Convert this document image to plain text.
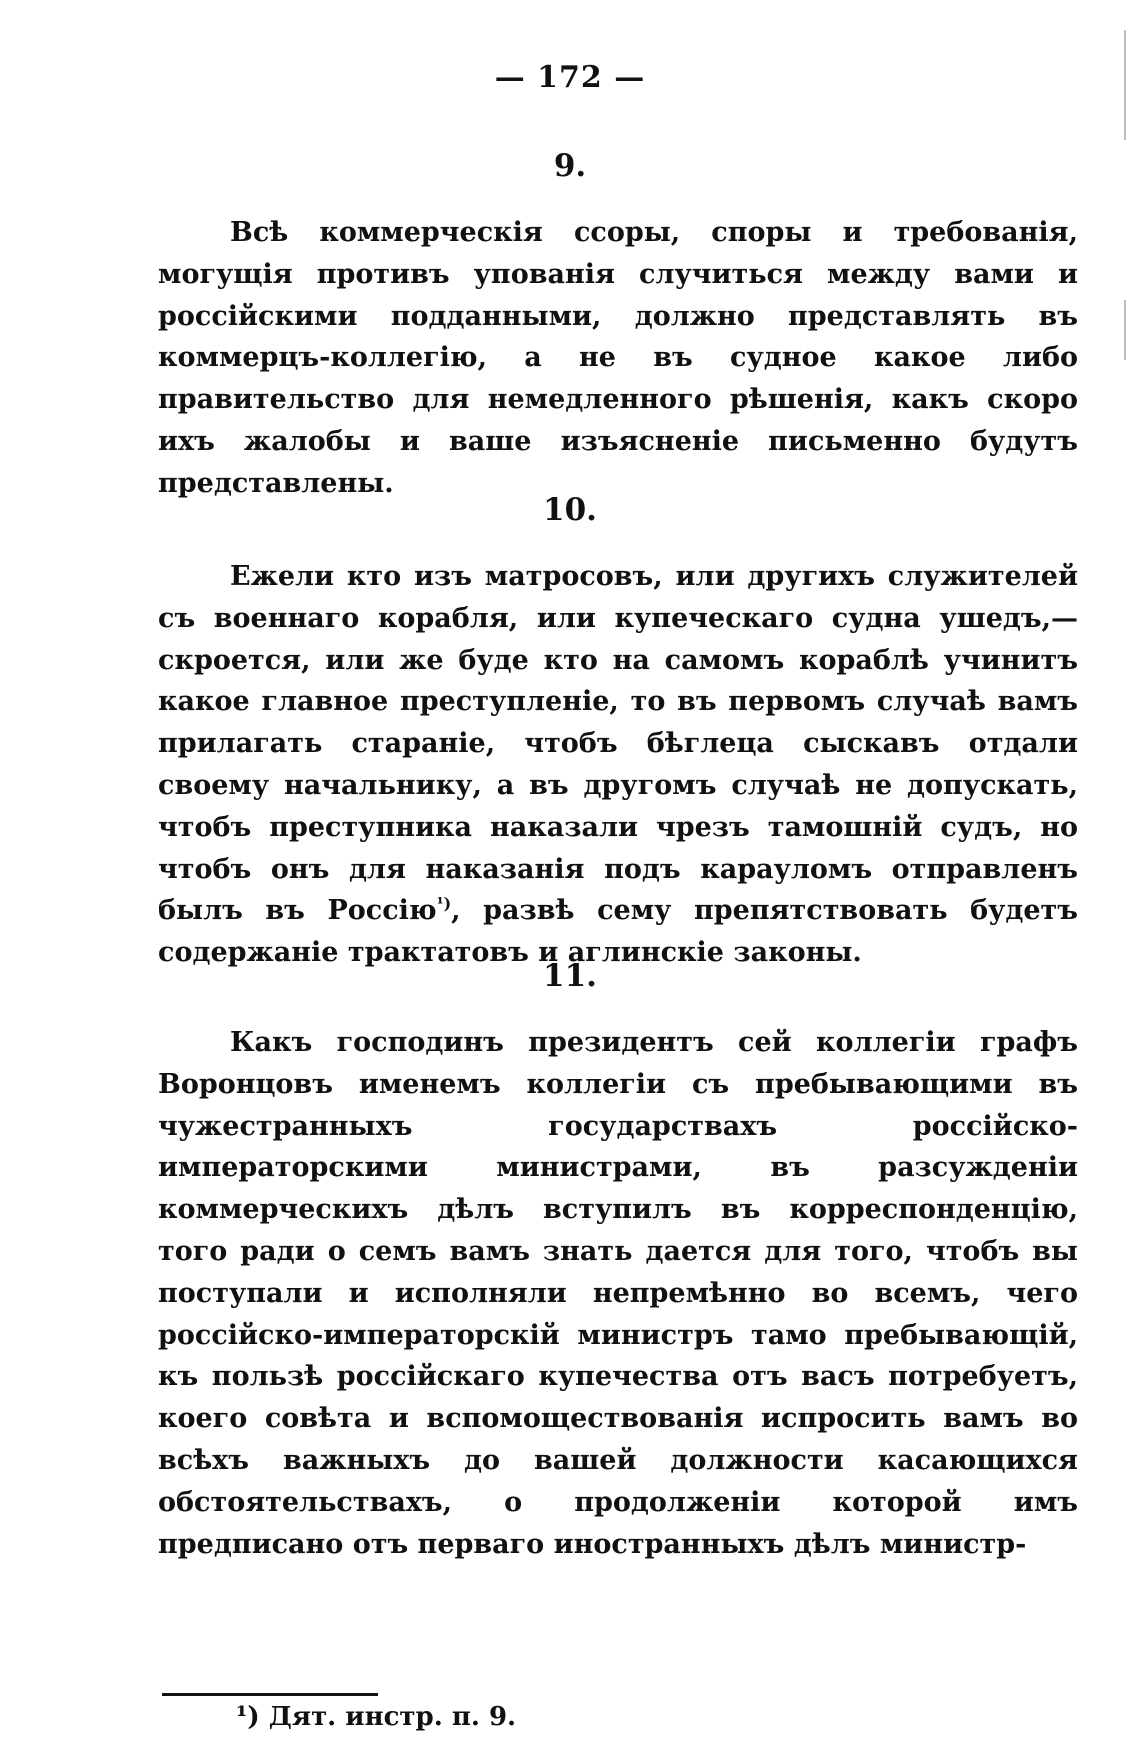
— 172 —
9.

Всѣ коммерческія ссоры, споры и требованія, могущія противъ упованія случиться между вами и россійскими подданными, должно представлять въ коммерцъ-коллегію, а не въ судное какое либо правительство для немедленного рѣшенія, какъ скоро ихъ жалобы и ваше изъясненіе письменно будутъ представлены.

10.

Ежели кто изъ матросовъ, или другихъ служителей съ военнаго корабля, или купеческаго судна ушедъ,—скроется, или же буде кто на самомъ кораблѣ учинитъ какое главное преступленіе, то въ первомъ случаѣ вамъ прилагать стараніе, чтобъ бѣглеца сыскавъ отдали своему начальнику, а въ другомъ случаѣ не допускать, чтобъ преступника наказали чрезъ тамошній судъ, но чтобъ онъ для наказанія подъ карауломъ отправленъ былъ въ Россію$^{^1)}$, развѣ сему препятствовать будетъ содержаніе трактатовъ и аглинскіе законы.

11.

Какъ господинъ президентъ сей коллегіи графъ Воронцовъ именемъ коллегіи съ пребывающими въ чужестранныхъ государствахъ россійско-императорскими министрами, въ разсужденіи коммерческихъ дѣлъ вступилъ въ корреспонденцію, того ради о семъ вамъ знать дается для того, чтобъ вы поступали и исполняли непремѣнно во всемъ, чего россійско-императорскій министръ тамо пребывающій, къ пользѣ россійскаго купечества отъ васъ потребуетъ, коего совѣта и вспомоществованія испросить вамъ во всѣхъ важныхъ до вашей должности касающихся обстоятельствахъ, о продолженіи которой имъ предписано отъ перваго иностранныхъ дѣлъ министр-

¹) Дят. инстр. п. 9.
